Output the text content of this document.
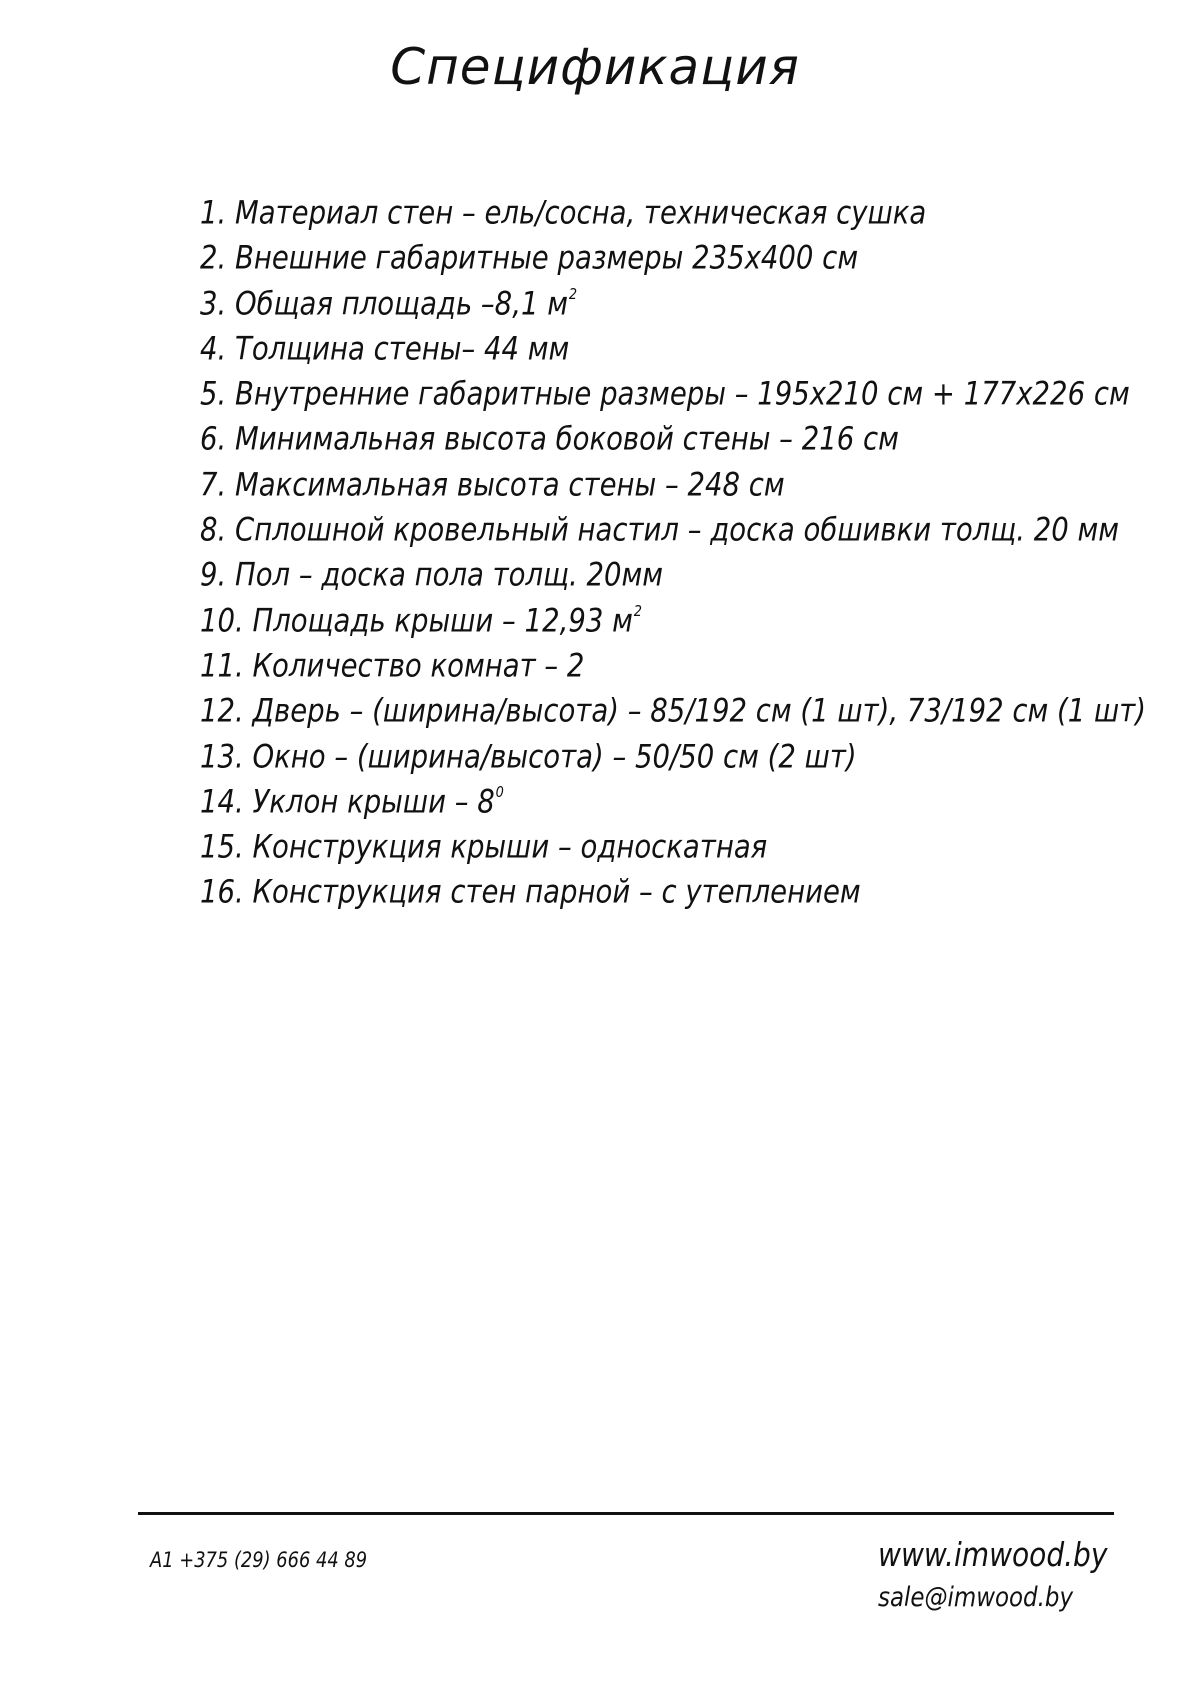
Спецификация
1. Материал стен – ель/сосна, техническая сушка
2. Внешние габаритные размеры 235х400 см
3. Общая площадь –8,1 $м^2$
4. Толщина стены– 44 мм
5. Внутренние габаритные размеры – 195х210 см + 177х226 см
6. Минимальная высота боковой стены – 216 см
7. Максимальная высота стены – 248 см
8. Сплошной кровельный настил – доска обшивки толщ. 20 мм
9. Пол – доска пола толщ. 20мм
10. Площадь крыши – 12,93 $м^2$
11. Количество комнат – 2
12. Дверь – (ширина/высота) – 85/192 см (1 шт), 73/192 см (1 шт)
13. Окно – (ширина/высота) – 50/50 см (2 шт)
14. Уклон крыши – $8^0$
15. Конструкция крыши – односкатная
16. Конструкция стен парной – с утеплением
A1 +375 (29) 666 44 89	www.imwood.by
sale@imwood.by
